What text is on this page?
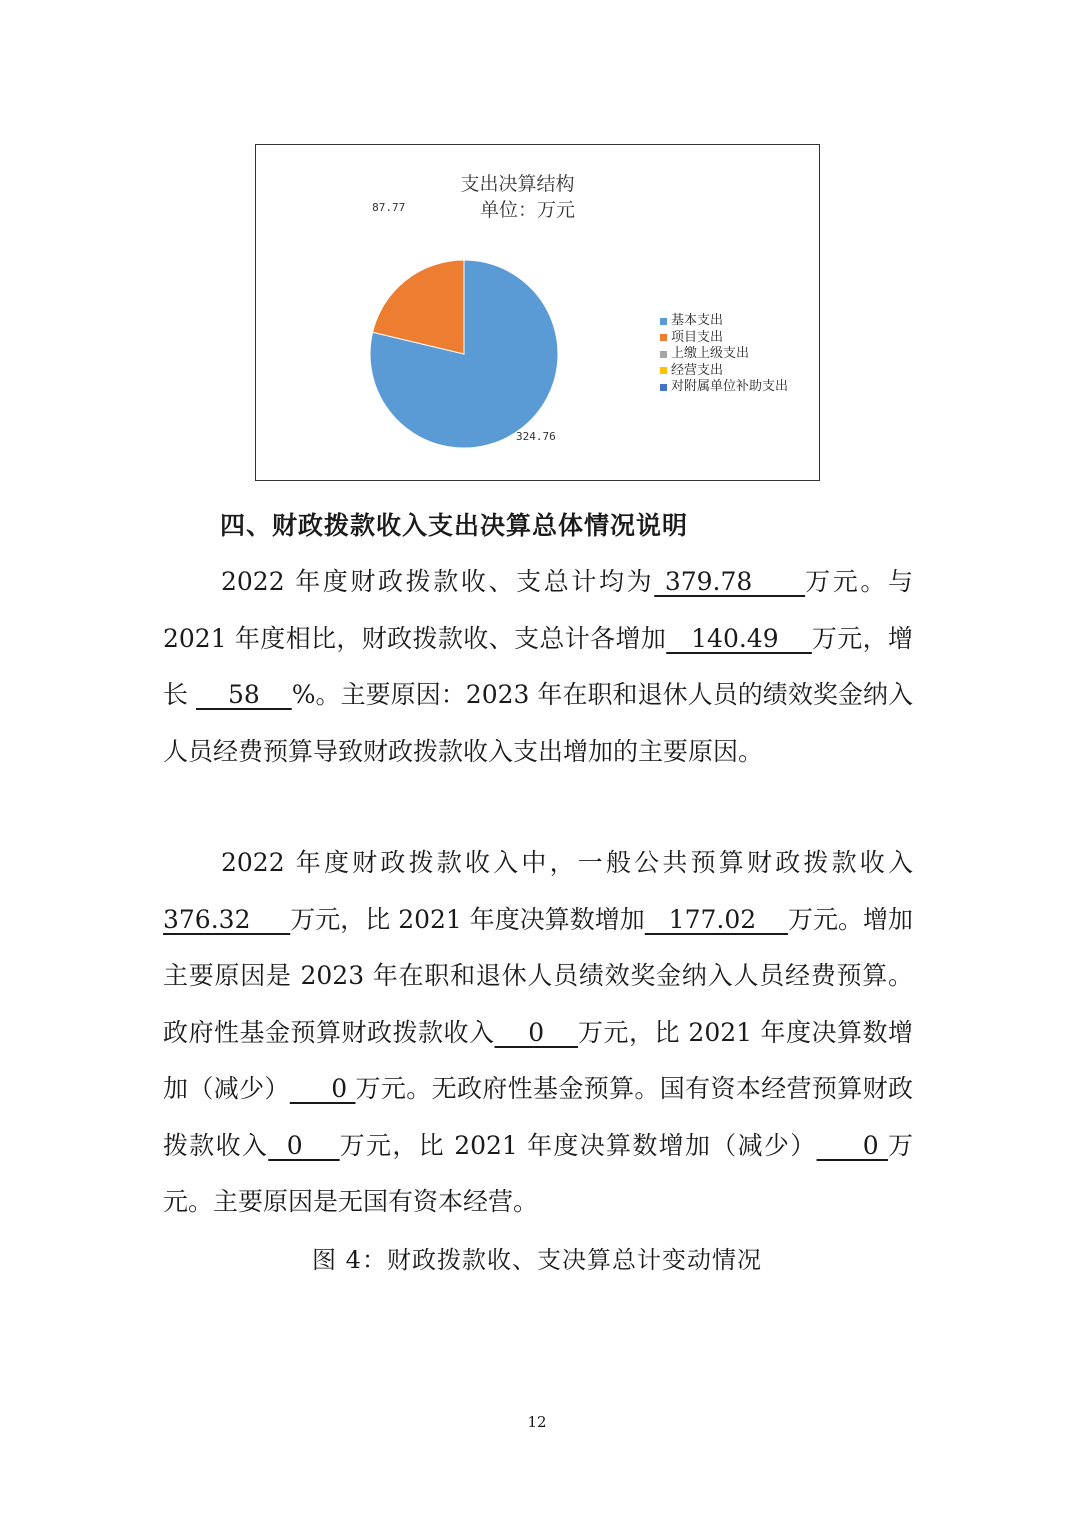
324.76
87.77
支出决算结构
单位：万元
基本支出
项目支出
上缴上级支出
经营支出
对附属单位补助支出
四、财政拨款收入支出决算总体情况说明
2022 年度财政拨款收、支总计均为 379.78     万元。与 2021 年度相比，财政拨款收、支总计各增加   140.49    万元，增长     58    %。主要原因：2023 年在职和退休人员的绩效奖金纳入人员经费预算导致财政拨款收入支出增加的主要原因。
2022 年度财政拨款收入中，一般公共预算财政拨款收入376.32     万元，比 2021 年度决算数增加   177.02    万元。增加主要原因是 2023 年在职和退休人员绩效奖金纳入人员经费预算。政府性基金预算财政拨款收入    0    万元，比 2021 年度决算数增加（减少）     0 万元。无政府性基金预算。国有资本经营预算财政拨款收入  0    万元，比 2021 年度决算数增加（减少）     0 万元。主要原因是无国有资本经营。
图 4：财政拨款收、支决算总计变动情况
12
